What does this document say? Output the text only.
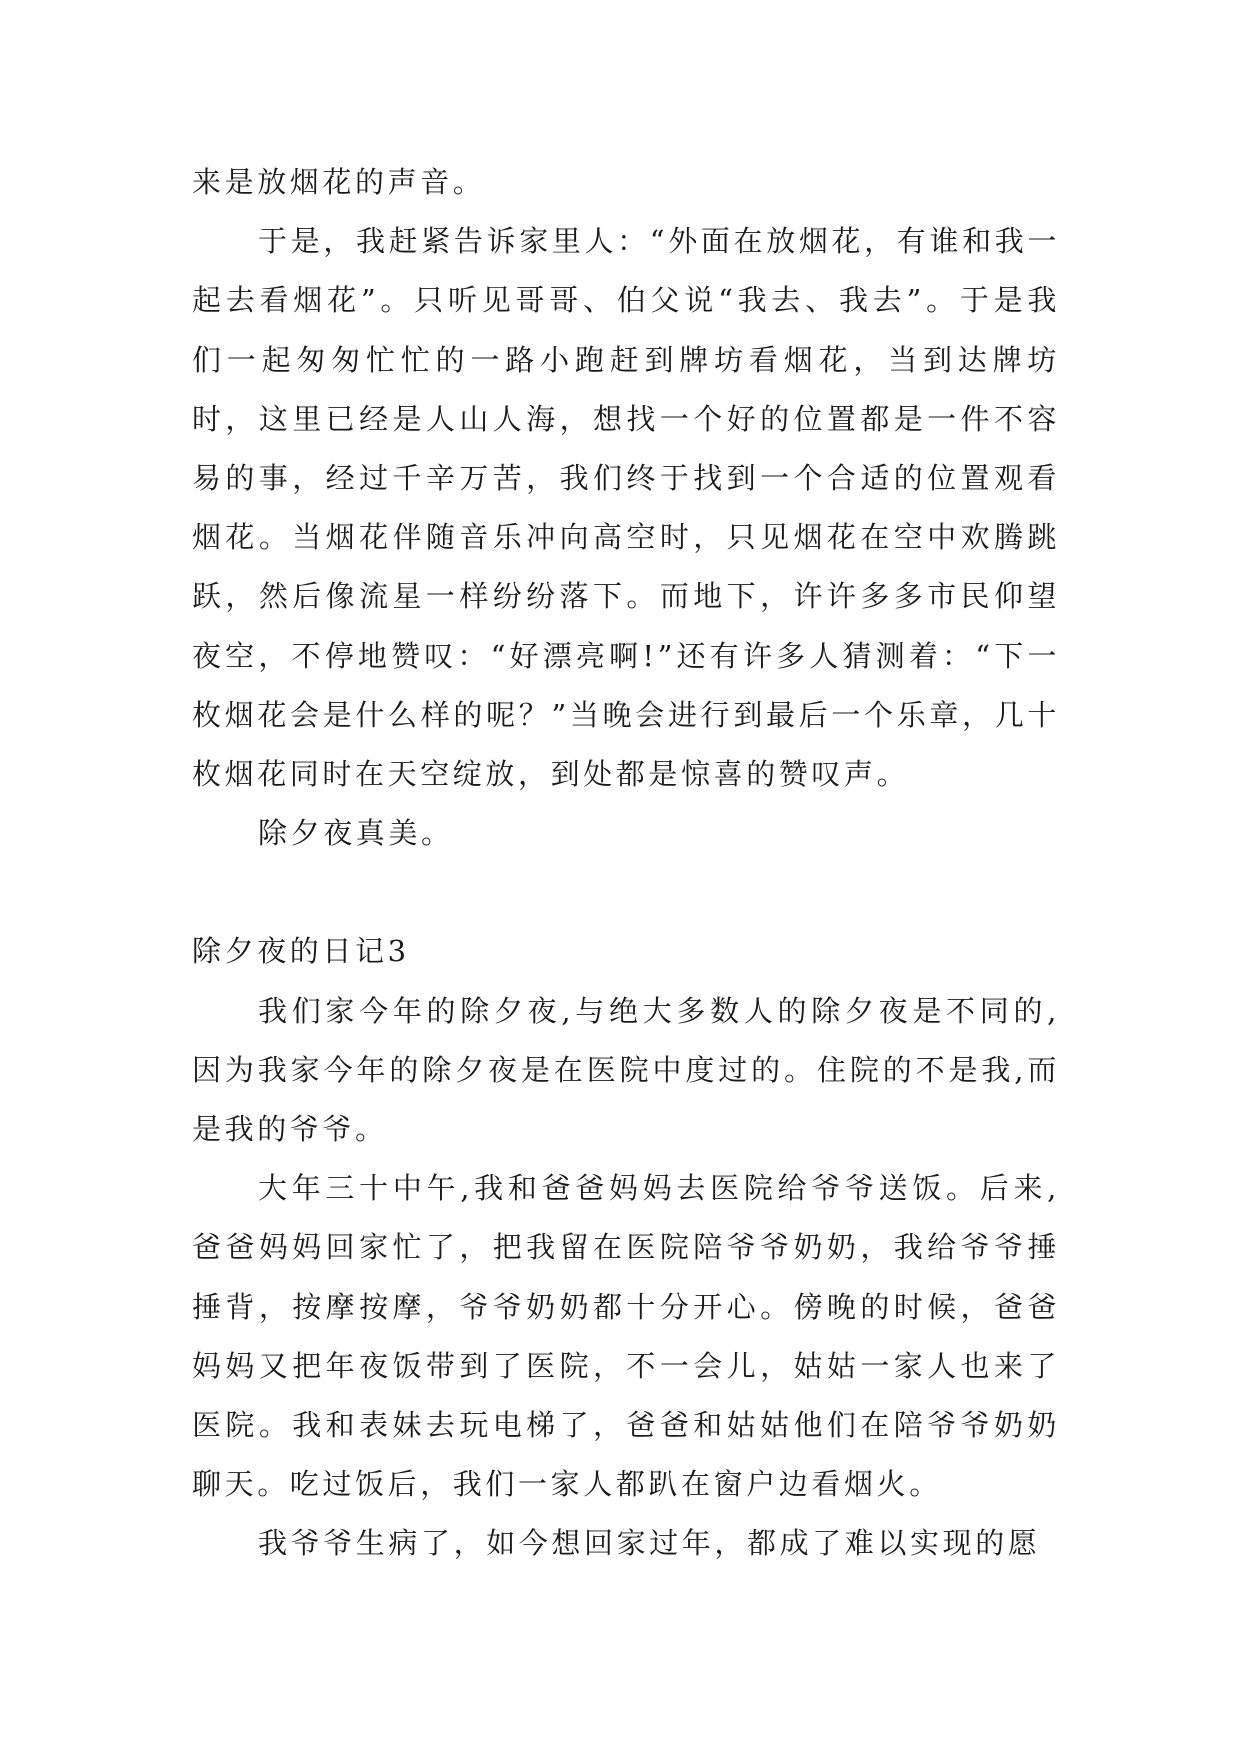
来是放烟花的声音。

于是，我赶紧告诉家里人：“外面在放烟花，有谁和我一起去看烟花”。只听见哥哥、伯父说“我去、我去”。于是我们一起匆匆忙忙的一路小跑赶到牌坊看烟花，当到达牌坊时，这里已经是人山人海，想找一个好的位置都是一件不容易的事，经过千辛万苦，我们终于找到一个合适的位置观看烟花。当烟花伴随音乐冲向高空时，只见烟花在空中欢腾跳跃，然后像流星一样纷纷落下。而地下，许许多多市民仰望夜空，不停地赞叹：“好漂亮啊!”还有许多人猜测着：“下一枚烟花会是什么样的呢？”当晚会进行到最后一个乐章，几十枚烟花同时在天空绽放，到处都是惊喜的赞叹声。

除夕夜真美。

除夕夜的日记3

我们家今年的除夕夜,与绝大多数人的除夕夜是不同的,因为我家今年的除夕夜是在医院中度过的。住院的不是我,而是我的爷爷。

大年三十中午,我和爸爸妈妈去医院给爷爷送饭。后来,爸爸妈妈回家忙了，把我留在医院陪爷爷奶奶，我给爷爷捶捶背，按摩按摩，爷爷奶奶都十分开心。傍晚的时候，爸爸妈妈又把年夜饭带到了医院，不一会儿，姑姑一家人也来了医院。我和表妹去玩电梯了，爸爸和姑姑他们在陪爷爷奶奶聊天。吃过饭后，我们一家人都趴在窗户边看烟火。

我爷爷生病了，如今想回家过年，都成了难以实现的愿
